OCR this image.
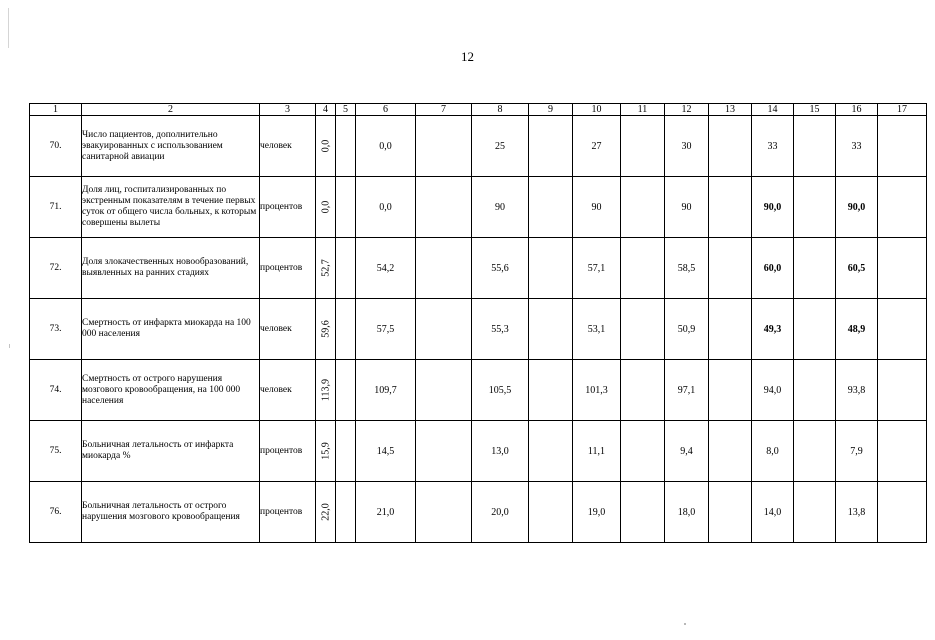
12
1	2	3	4	5	6	7	8	9	10	11	12	13	14	15	16	17
70.	Число пациентов, дополнительно эвакуированных с использованием санитарной авиации	человек	0,0		0,0		25		27		30		33		33	
71.	Доля лиц, госпитализированных по экстренным показателям в течение первых суток от общего числа больных, к которым совершены вылеты	процентов	0,0		0,0		90		90		90		90,0		90,0	
72.	Доля злокачественных новообразований, выявленных на ранних стадиях	процентов	52,7		54,2		55,6		57,1		58,5		60,0		60,5	
73.	Смертность от инфаркта миокарда на 100 000 населения	человек	59,6		57,5		55,3		53,1		50,9		49,3		48,9	
74.	Смертность от острого нарушения мозгового кровообращения, на 100 000 населения	человек	113,9		109,7		105,5		101,3		97,1		94,0		93,8	
75.	Больничная летальность от инфаркта миокарда %	процентов	15,9		14,5		13,0		11,1		9,4		8,0		7,9	
76.	Больничная летальность от острого нарушения мозгового кровообращения	процентов	22,0		21,0		20,0		19,0		18,0		14,0		13,8	
